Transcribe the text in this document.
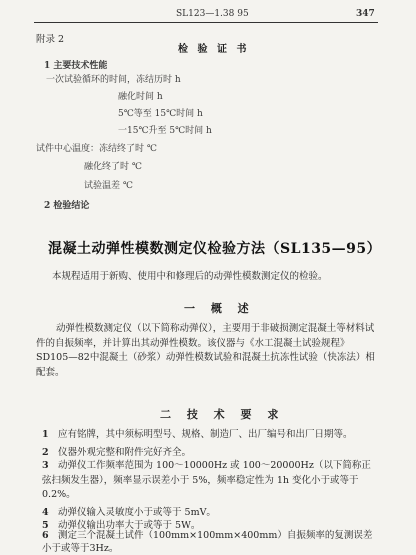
SL123—1.38 95	347
附录 2
检 验 证 书
1 主要技术性能
一次试验循环的时间，冻结历时 h
融化时间 h
5℃等至 15℃时间 h
一15℃升至 5℃时间 h
试件中心温度：冻结终了时 ℃
融化终了时 ℃
试验温差 ℃
2 检验结论
混凝土动弹性模数测定仪检验方法（SL135—95）
本规程适用于新购、使用中和修理后的动弹性模数测定仪的检验。
一 概 述
动弹性模数测定仪（以下简称动弹仪），主要用于非破损测定混凝土等材料试件的自振频率，并计算出其动弹性模数。该仪器与《水工混凝土试验规程》SD105—82中混凝土（砂浆）动弹性模数试验和混凝土抗冻性试验（快冻法）相配套。
二 技 术 要 求
1 应有铭牌，其中须标明型号、规格、制造厂、出厂编号和出厂日期等。
2 仪器外观完整和附件完好齐全。
3 动弹仪工作频率范围为 100～10000Hz 或 100～20000Hz（以下简称正弦扫频发生器），频率显示误差小于 5%，频率稳定性为 1h 变化小于或等于 0.2%。
4 动弹仪输入灵敏度小于或等于 5mV。
5 动弹仪输出功率大于或等于 5W。
6 测定三个混凝土试件（100mm×100mm×400mm）自振频率的复测误差小于或等于3Hz。
